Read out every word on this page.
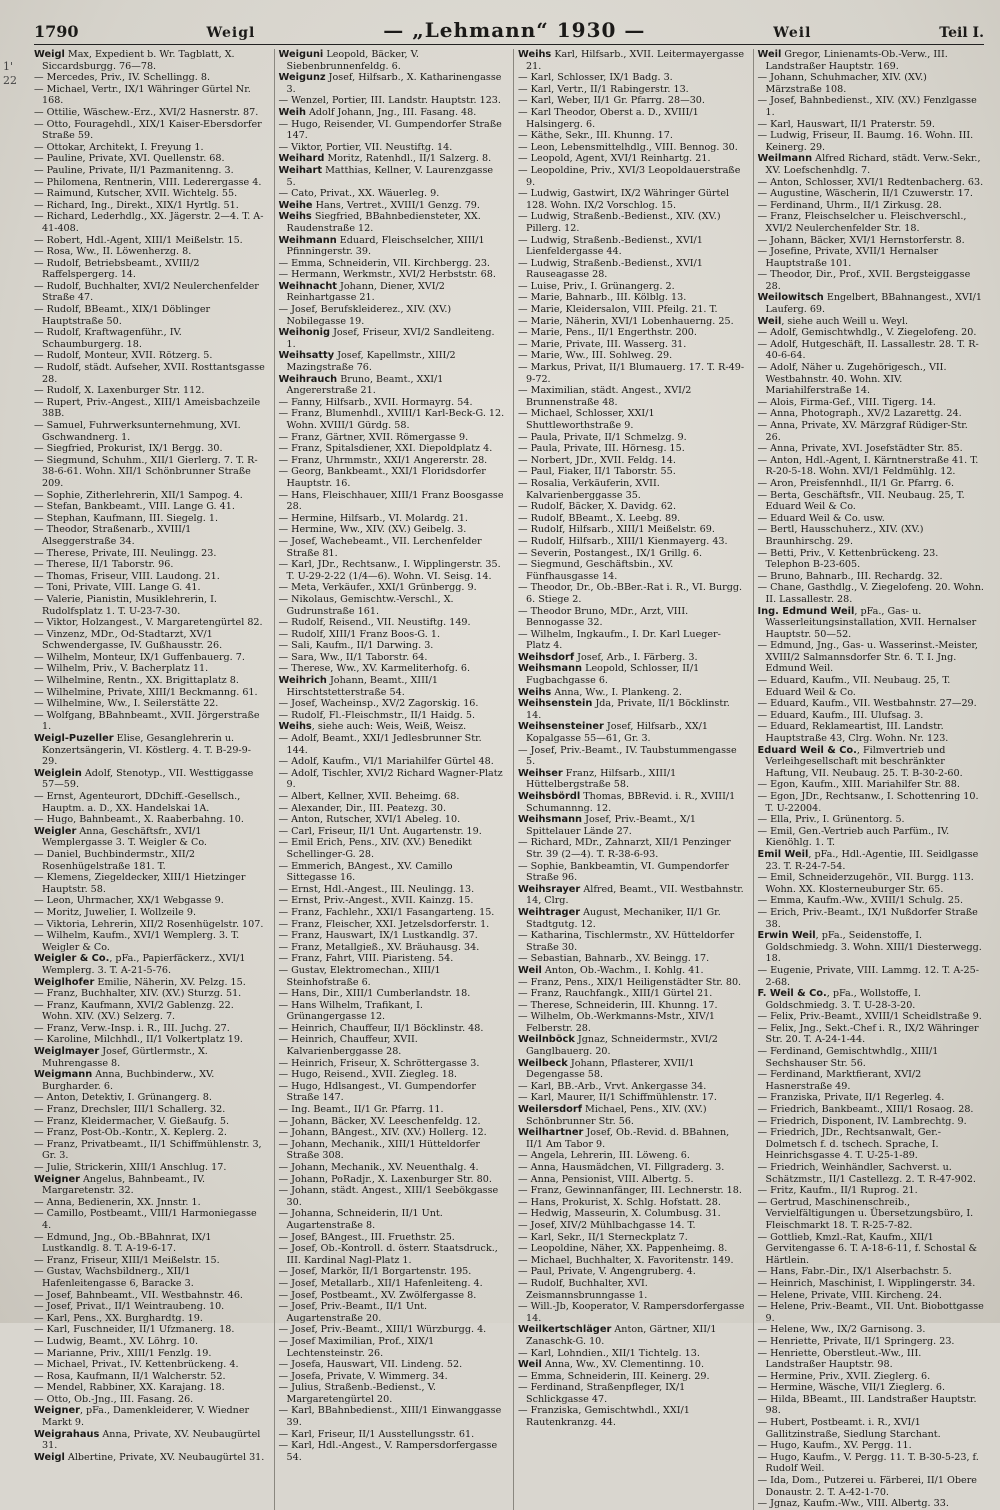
1'
22
1790	Weigl	— „Lehmann“ 1930 —	Weil	Teil I.

Weigl Max, Expedient b. Wr. Tagblatt, X. Siccardsburgg. 76—78.

— Mercedes, Priv., IV. Schellingg. 8.

— Michael, Vertr., IX/1 Währinger Gürtel Nr. 168.

— Ottilie, Wäschew.-Erz., XVI/2 Hasnerstr. 87.

— Otto, Fouragehdl., XIX/1 Kaiser-Ebersdorfer Straße 59.

— Ottokar, Architekt, I. Freyung 1.

— Pauline, Private, XVI. Quellenstr. 68.

— Pauline, Private, II/1 Pazmanitenng. 3.

— Philomena, Rentnerin, VIII. Lederergasse 4.

— Raimund, Kutscher, XVII. Wichtelg. 55.

— Richard, Ing., Direkt., XIX/1 Hyrtlg. 51.

— Richard, Lederhdlg., XX. Jägerstr. 2—4. T. A-41-408.

— Robert, Hdl.-Agent, XIII/1 Meißelstr. 15.

— Rosa, Ww., II. Löwenherzg. 8.

— Rudolf, Betriebsbeamt., XVIII/2 Raffelspergerg. 14.

— Rudolf, Buchhalter, XVI/2 Neulerchenfelder Straße 47.

— Rudolf, BBeamt., XIX/1 Döblinger Hauptstraße 50.

— Rudolf, Kraftwagenführ., IV. Schaumburgerg. 18.

— Rudolf, Monteur, XVII. Rötzerg. 5.

— Rudolf, städt. Aufseher, XVII. Rosttantsgasse 28.

— Rudolf, X. Laxenburger Str. 112.

— Rupert, Priv.-Angest., XIII/1 Ameisbachzeile 38B.

— Samuel, Fuhrwerksunternehmung, XVI. Gschwandnerg. 1.

— Siegfried, Prokurist, IX/1 Bergg. 30.

— Siegmund, Schuhm., XII/1 Gierlerg. 7. T. R-38-6-61. Wohn. XII/1 Schönbrunner Straße 209.

— Sophie, Zitherlehrerin, XII/1 Sampog. 4.

— Stefan, Bankbeamt., VIII. Lange G. 41.

— Stephan, Kaufmann, III. Siegelg. 1.

— Theodor, Straßenarb., XVIII/1 Alseggerstraße 34.

— Therese, Private, III. Neulingg. 23.

— Therese, II/1 Taborstr. 96.

— Thomas, Friseur, VIII. Laudong. 21.

— Toni, Private, VIII. Lange G. 41.

— Valerie, Pianistin, Musiklehrerin, I. Rudolfsplatz 1. T. U-23-7-30.

— Viktor, Holzangest., V. Margaretengürtel 82.

— Vinzenz, MDr., Od-Stadtarzt, XV/1 Schwendergasse, IV. Gußhausstr. 26.

— Wilhelm, Monteur, IX/1 Guffenbauerg. 7.

— Wilhelm, Priv., V. Bacherplatz 11.

— Wilhelmine, Rentn., XX. Brigittaplatz 8.

— Wilhelmine, Private, XIII/1 Beckmanng. 61.

— Wilhelmine, Ww., I. Seilerstätte 22.

— Wolfgang, BBahnbeamt., XVII. Jörgerstraße 1.

Weigl-Puzeller Elise, Gesanglehrerin u. Konzertsängerin, VI. Köstlerg. 4. T. B-29-9-29.

Weiglein Adolf, Stenotyp., VII. Westtiggasse 57—59.

— Ernst, Agenteurort, DDchiff.-Gesellsch., Hauptm. a. D., XX. Handelskai 1A.

— Hugo, Bahnbeamt., X. Raaberbahng. 10.

Weigler Anna, Geschäftsfr., XVI/1 Wemplergasse 3. T. Weigler & Co.

— Daniel, Buchbindermstr., XII/2 Rosenhügelstraße 181. T.

— Klemens, Ziegeldecker, XIII/1 Hietzinger Hauptstr. 58.

— Leon, Uhrmacher, XX/1 Webgasse 9.

— Moritz, Juwelier, I. Wollzeile 9.

— Viktoria, Lehrerin, XII/2 Rosenhügelstr. 107.

— Wilhelm, Kaufm., XVI/1 Wemplerg. 3. T. Weigler & Co.

Weigler & Co., pFa., Papierfäckerz., XVI/1 Wemplerg. 3. T. A-21-5-76.

Weiglhofer Emilie, Näherin, XV. Pelzg. 15.

— Franz, Buchhalter, XIV. (XV.) Sturzg. 51.

— Franz, Kaufmann, XVI/2 Gablenzg. 22. Wohn. XIV. (XV.) Selzerg. 7.

— Franz, Verw.-Insp. i. R., III. Juchg. 27.

— Karoline, Milchhdl., II/1 Volkertplatz 19.

Weiglmayer Josef, Gürtlermstr., X. Muhrengasse 8.

Weigmann Anna, Buchbinderw., XV. Burgharder. 6.

— Anton, Detektiv, I. Grünangerg. 8.

— Franz, Drechsler, III/1 Schallerg. 32.

— Franz, Kleidermacher, V. Gießaufg. 5.

— Franz, Post-Ob.-Kontr., X. Keplerg. 2.

— Franz, Privatbeamt., II/1 Schiffmühlenstr. 3, Gr. 3.

— Julie, Strickerin, XIII/1 Anschlug. 17.

Weigner Angelus, Bahnbeamt., IV. Margaretenstr. 32.

— Anna, Bedienerin, XX. Jnnstr. 1.

— Camillo, Postbeamt., VIII/1 Harmoniegasse 4.

— Edmund, Jng., Ob.-BBahnrat, IX/1 Lustkandlg. 8. T. A-19-6-17.

— Franz, Friseur, XIII/1 Meißelstr. 15.

— Gustav, Wachsbildnerg., XII/1 Hafenleitengasse 6, Baracke 3.

— Josef, Bahnbeamt., VII. Westbahnstr. 46.

— Josef, Privat., II/1 Weintraubeng. 10.

— Karl, Pens., XX. Burghardtg. 19.

— Karl, Fuschneider, II/1 Ufzmanerg. 18.

— Ludwig, Beamt., XV. Löhrg. 10.

— Marianne, Priv., XIII/1 Fenzlg. 19.

— Michael, Privat., IV. Kettenbrückeng. 4.

— Rosa, Kaufmann, II/1 Walcherstr. 52.

— Mendel, Rabbiner, XX. Karajang. 18.

— Otto, Ob.-Jng., III. Fasang. 26.

Weigner, pFa., Damenkleiderer, V. Wiedner Markt 9.

Weigrahaus Anna, Private, XV. Neubaugürtel 31.

Weigl Albertine, Private, XV. Neubaugürtel 31.

Weiguni Leopold, Bäcker, V. Siebenbrunnenfeldg. 6.

Weigunz Josef, Hilfsarb., X. Katharinengasse 3.

— Wenzel, Portier, III. Landstr. Hauptstr. 123.

Weih Adolf Johann, Jng., III. Fasang. 48.

— Hugo, Reisender, VI. Gumpendorfer Straße 147.

— Viktor, Portier, VII. Neustiftg. 14.

Weihard Moritz, Ratenhdl., II/1 Salzerg. 8.

Weihart Matthias, Kellner, V. Laurenzgasse 5.

— Cato, Privat., XX. Wäuerleg. 9.

Weihe Hans, Vertret., XVIII/1 Genzg. 79.

Weihs Siegfried, BBahnbediensteter, XX. Raudenstraße 12.

Weihmann Eduard, Fleischselcher, XIII/1 Pfinningerstr. 39.

— Emma, Schneiderin, VII. Kirchbergg. 23.

— Hermann, Werkmstr., XVI/2 Herbststr. 68.

Weihnacht Johann, Diener, XVI/2 Reinhartgasse 21.

— Josef, Berufskleiderez., XIV. (XV.) Nobilegasse 19.

Weihonig Josef, Friseur, XVI/2 Sandleiteng. 1.

Weihsatty Josef, Kapellmstr., XIII/2 Mazingstraße 76.

Weihrauch Bruno, Beamt., XXI/1 Angererstraße 21.

— Fanny, Hilfsarb., XVII. Hormayrg. 54.

— Franz, Blumenhdl., XVIII/1 Karl-Beck-G. 12. Wohn. XVIII/1 Gürdg. 58.

— Franz, Gärtner, XVII. Römergasse 9.

— Franz, Spitalsdiener, XXI. Diepoldplatz 4.

— Franz, Uhrmmstr., XXI/1 Angererstr. 28.

— Georg, Bankbeamt., XXI/1 Floridsdorfer Hauptstr. 16.

— Hans, Fleischhauer, XIII/1 Franz Boosgasse 28.

— Hermine, Hilfsarb., VI. Molardg. 21.

— Hermine, Ww., XIV. (XV.) Geibelg. 3.

— Josef, Wachebeamt., VII. Lerchenfelder Straße 81.

— Karl, JDr., Rechtsanw., I. Wipplingerstr. 35. T. U-29-2-22 (1/4—6). Wohn. VI. Seisg. 14.

— Meta, Verkäufer., XXI/1 Grünbergg. 9.

— Nikolaus, Gemischtw.-Verschl., X. Gudrunstraße 161.

— Rudolf, Reisend., VII. Neustiftg. 149.

— Rudolf, XIII/1 Franz Boos-G. 1.

— Sali, Kaufm., II/1 Darwing. 3.

— Sara, Ww., II/1 Taborstr. 64.

— Therese, Ww., XV. Karmeliterhofg. 6.

Weihrich Johann, Beamt., XIII/1 Hirschtstetterstraße 54.

— Josef, Wacheinsp., XV/2 Zagorskig. 16.

— Rudolf, Fl.-Fleischmstr., II/1 Haidg. 5.

Weihs, siehe auch: Weis, Weiß, Weisz.

— Adolf, Beamt., XXI/1 Jedlesbrunner Str. 144.

— Adolf, Kaufm., VI/1 Mariahilfer Gürtel 48.

— Adolf, Tischler, XVI/2 Richard Wagner-Platz 9.

— Albert, Kellner, XVII. Beheimg. 68.

— Alexander, Dir., III. Peatezg. 30.

— Anton, Rutscher, XVI/1 Abeleg. 10.

— Carl, Friseur, II/1 Unt. Augartenstr. 19.

— Emil Erich, Pens., XIV. (XV.) Benedikt Schellinger-G. 28.

— Emmerich, BAngest., XV. Camillo Sittegasse 16.

— Ernst, Hdl.-Angest., III. Neulingg. 13.

— Ernst, Priv.-Angest., XVII. Kainzg. 15.

— Franz, Fachlehr., XXI/1 Fasangarteng. 15.

— Franz, Fleischer, XXI. Jetzelsdorferstr. 1.

— Franz, Hauswart, IX/1 Lustkandlg. 37.

— Franz, Metallgieß., XV. Bräuhausg. 34.

— Franz, Fahrt, VIII. Piaristeng. 54.

— Gustav, Elektromechan., XIII/1 Steinhofstraße 6.

— Hans, Dir., XIII/1 Cumberlandstr. 18.

— Hans Wilhelm, Trafikant, I. Grünangergasse 12.

— Heinrich, Chauffeur, II/1 Böcklinstr. 48.

— Heinrich, Chauffeur, XVII. Kalvarienberggasse 28.

— Heinrich, Friseur, X. Schröttergasse 3.

— Hugo, Reisend., XVII. Ziegleg. 18.

— Hugo, Hdlsangest., VI. Gumpendorfer Straße 147.

— Ing. Beamt., II/1 Gr. Pfarrg. 11.

— Johann, Bäcker, XV. Leeschenfeldg. 12.

— Johann, BAngest., XIV. (XV.) Hollerg. 12.

— Johann, Mechanik., XIII/1 Hütteldorfer Straße 308.

— Johann, Mechanik., XV. Neuenthalg. 4.

— Johann, PoRadjr., X. Laxenburger Str. 80.

— Johann, städt. Angest., XIII/1 Seebökgasse 30.

— Johanna, Schneiderin, II/1 Unt. Augartenstraße 8.

— Josef, BAngest., III. Fruethstr. 25.

— Josef, Ob.-Kontroll. d. österr. Staatsdruck., III. Kardinal Nagl-Platz 1.

— Josef, Markör, II/1 Borgartenstr. 195.

— Josef, Metallarb., XII/1 Hafenleiteng. 4.

— Josef, Postbeamt., XV. Zwölfergasse 8.

— Josef, Priv.-Beamt., II/1 Unt. Augartenstraße 20.

— Josef, Priv.-Beamt., XIII/1 Würzburgg. 4.

— Josef Maximilian, Prof., XIX/1 Lechtensteinstr. 26.

— Josefa, Hauswart, VII. Lindeng. 52.

— Josefa, Private, V. Wimmerg. 34.

— Julius, Straßenb.-Bedienst., V. Margaretengürtel 20.

— Karl, BBahnbedienst., XIII/1 Einwanggasse 39.

— Karl, Friseur, II/1 Ausstellungsstr. 61.

— Karl, Hdl.-Angest., V. Rampersdorfergasse 54.

Weihs Karl, Hilfsarb., XVII. Leitermayergasse 21.

— Karl, Schlosser, IX/1 Badg. 3.

— Karl, Vertr., II/1 Rabingerstr. 13.

— Karl, Weber, II/1 Gr. Pfarrg. 28—30.

— Karl Theodor, Oberst a. D., XVIII/1 Halsingerg. 6.

— Käthe, Sekr., III. Khunng. 17.

— Leon, Lebensmittelhdlg., VIII. Bennog. 30.

— Leopold, Agent, XVI/1 Reinhartg. 21.

— Leopoldine, Priv., XVI/3 Leopoldauerstraße 9.

— Ludwig, Gastwirt, IX/2 Währinger Gürtel 128. Wohn. IX/2 Vorschlog. 15.

— Ludwig, Straßenb.-Bedienst., XIV. (XV.) Pillerg. 12.

— Ludwig, Straßenb.-Bedienst., XVI/1 Lienfeldergasse 44.

— Ludwig, Straßenb.-Bedienst., XVI/1 Rauseagasse 28.

— Luise, Priv., I. Grünangerg. 2.

— Marie, Bahnarb., III. Kölblg. 13.

— Marie, Kleidersalon, VIII. Pfeilg. 21. T.

— Marie, Näherin, XVI/1 Lobenhauerng. 25.

— Marie, Pens., II/1 Engerthstr. 200.

— Marie, Private, III. Wasserg. 31.

— Marie, Ww., III. Sohlweg. 29.

— Markus, Privat, II/1 Blumauerg. 17. T. R-49-9-72.

— Maximilian, städt. Angest., XVI/2 Brunnenstraße 48.

— Michael, Schlosser, XXI/1 Shuttleworthstraße 9.

— Paula, Private, II/1 Schmelzg. 9.

— Paula, Private, III. Hörnesg. 15.

— Norbert, JDr., XVII. Feldg. 14.

— Paul, Fiaker, II/1 Taborstr. 55.

— Rosalia, Verkäuferin, XVII. Kalvarienberggasse 35.

— Rudolf, Bäcker, X. Davidg. 62.

— Rudolf, BBeamt., X. Leebg. 89.

— Rudolf, Hilfsarb., XIII/1 Meißelstr. 69.

— Rudolf, Hilfsarb., XIII/1 Kienmayerg. 43.

— Severin, Postangest., IX/1 Grillg. 6.

— Siegmund, Geschäftsbin., XV. Fünfhausgasse 14.

— Theodor, Dr., Ob.-BBer.-Rat i. R., VI. Burgg. 6. Stiege 2.

— Theodor Bruno, MDr., Arzt, VIII. Bennogasse 32.

— Wilhelm, Ingkaufm., I. Dr. Karl Lueger-Platz 4.

Weihsdorf Josef, Arb., I. Färberg. 3.

Weihsmann Leopold, Schlosser, II/1 Fugbachgasse 6.

Weihs Anna, Ww., I. Plankeng. 2.

Weihsenstein Jda, Private, II/1 Böcklinstr. 14.

Weihsensteiner Josef, Hilfsarb., XX/1 Kopalgasse 55—61, Gr. 3.

— Josef, Priv.-Beamt., IV. Taubstummengasse 5.

Weihser Franz, Hilfsarb., XIII/1 Hüttelbergstraße 58.

Weihsbördl Thomas, BBRevid. i. R., XVIII/1 Schumannng. 12.

Weihsmann Josef, Priv.-Beamt., X/1 Spittelauer Lände 27.

— Richard, MDr., Zahnarzt, XII/1 Penzinger Str. 39 (2—4). T. R-38-6-93.

— Sophie, Bankbeamtin, VI. Gumpendorfer Straße 96.

Weihsrayer Alfred, Beamt., VII. Westbahnstr. 14, Clrg.

Weihtrager August, Mechaniker, II/1 Gr. Stadtgutg. 12.

— Katharina, Tischlermstr., XV. Hütteldorfer Straße 30.

— Sebastian, Bahnarb., XV. Beingg. 17.

Weil Anton, Ob.-Wachm., I. Kohlg. 41.

— Franz, Pens., XIX/1 Heiligenstädter Str. 80.

— Franz, Rauchfangk., XIII/1 Gürtel 21.

— Therese, Schneiderin, III. Khunng. 17.

— Wilhelm, Ob.-Werkmanns-Mstr., XIV/1 Felberstr. 28.

Weilnböck Jgnaz, Schneidermstr., XVI/2 Ganglbauerg. 20.

Weilbeck Johann, Pflasterer, XVII/1 Degengasse 58.

— Karl, BB.-Arb., Vrvt. Ankergasse 34.

— Karl, Maurer, II/1 Schiffmühlenstr. 17.

Weilersdorf Michael, Pens., XIV. (XV.) Schönbrunner Str. 56.

Weilhartner Josef, Ob.-Revid. d. BBahnen, II/1 Am Tabor 9.

— Angela, Lehrerin, III. Löweng. 6.

— Anna, Hausmädchen, VI. Fillgraderg. 3.

— Anna, Pensionist, VIII. Albertg. 5.

— Franz, Gewinnanfänger, III. Lechnerstr. 18.

— Hans, Prokurist, X. Schlg. Hofstatt. 28.

— Hedwig, Masseurin, X. Columbusg. 31.

— Josef, XIV/2 Mühlbachgasse 14. T.

— Karl, Sekr., II/1 Sterneckplatz 7.

— Leopoldine, Näher, XX. Pappenheimg. 8.

— Michael, Buchhalter, X. Favoritenstr. 149.

— Paul, Private, V. Angengruberg. 4.

— Rudolf, Buchhalter, XVI. Zeismannsbrunngasse 1.

— Will.-Jb, Kooperator, V. Rampersdorfergasse 14.

Weilkertschläger Anton, Gärtner, XII/1 Zanaschk-G. 10.

— Karl, Lohndien., XII/1 Tichtelg. 13.

Weil Anna, Ww., XV. Clementinng. 10.

— Emma, Schneiderin, III. Keinerg. 29.

— Ferdinand, Straßenpfleger, IX/1 Schlickgasse 47.

— Franziska, Gemischtwhdl., XXI/1 Rautenkranzg. 44.

Weil Gregor, Linienamts-Ob.-Verw., III. Landstraßer Hauptstr. 169.

— Johann, Schuhmacher, XIV. (XV.) Märzstraße 108.

— Josef, Bahnbedienst., XIV. (XV.) Fenzlgasse 1.

— Karl, Hauswart, II/1 Praterstr. 59.

— Ludwig, Friseur, II. Baumg. 16. Wohn. III. Keinerg. 29.

Weilmann Alfred Richard, städt. Verw.-Sekr., XV. Loefschenhdlg. 7.

— Anton, Schlosser, XVI/1 Redtenbacherg. 63.

— Augustine, Wäscherin, II/1 Czuwerstr. 17.

— Ferdinand, Uhrm., II/1 Zirkusg. 28.

— Franz, Fleischselcher u. Fleischverschl., XVI/2 Neulerchenfelder Str. 18.

— Johann, Bäcker, XVI/1 Hernstorferstr. 8.

— Josefine, Private, XVII/1 Hernalser Hauptstraße 101.

— Theodor, Dir., Prof., XVII. Bergsteiggasse 28.

Weilowitsch Engelbert, BBahnangest., XVI/1 Lauferg. 69.

Weil, siehe auch Weill u. Weyl.

— Adolf, Gemischtwhdlg., V. Ziegelofeng. 20.

— Adolf, Hutgeschäft, II. Lassallestr. 28. T. R-40-6-64.

— Adolf, Näher u. Zugehörigesch., VII. Westbahnstr. 40. Wohn. XIV. Mariahilferstraße 14.

— Alois, Firma-Gef., VIII. Tigerg. 14.

— Anna, Photograph., XV/2 Lazarettg. 24.

— Anna, Private, XV. Märzgraf Rüdiger-Str. 26.

— Anna, Private, XVI. Josefstädter Str. 85.

— Anton, Hdl.-Agent, I. Kärntnerstraße 41. T. R-20-5-18. Wohn. XVI/1 Feldmühlg. 12.

— Aron, Preisfennhdl., II/1 Gr. Pfarrg. 6.

— Berta, Geschäftsfr., VII. Neubaug. 25, T. Eduard Weil & Co.

— Eduard Weil & Co. usw.

— Bertl, Hausschuherz., XIV. (XV.) Braunhirschg. 29.

— Betti, Priv., V. Kettenbrückeng. 23. Telephon B-23-605.

— Bruno, Bahnarb., III. Rechardg. 32.

— Chane, Gasthdlg., V. Ziegelofeng. 20. Wohn. II. Lassallestr. 28.

Ing. Edmund Weil, pFa., Gas- u. Wasserleitungsinstallation, XVII. Hernalser Hauptstr. 50—52.

— Edmund, Jng., Gas- u. Wasserinst.-Meister, XVIII/2 Salmannsdorfer Str. 6. T. I. Jng. Edmund Weil.

— Eduard, Kaufm., VII. Neubaug. 25, T. Eduard Weil & Co.

— Eduard, Kaufm., VII. Westbahnstr. 27—29.

— Eduard, Kaufm., III. Ulufsag. 3.

— Eduard, Reklameartist, III. Landstr. Hauptstraße 43, Clrg. Wohn. Nr. 123.

Eduard Weil & Co., Filmvertrieb und Verleihgesellschaft mit beschränkter Haftung, VII. Neubaug. 25. T. B-30-2-60.

— Egon, Kaufm., XIII. Mariahilfer Str. 88.

— Egon, JDr., Rechtsanw., I. Schottenring 10. T. U-22004.

— Ella, Priv., I. Grünentorg. 5.

— Emil, Gen.-Vertrieb auch Parfüm., IV. Kienöhlg. 1. T.

Emil Weil, pFa., Hdl.-Agentie, III. Seidlgasse 23. T. R-24-7-54.

— Emil, Schneiderzugehör., VII. Burgg. 113. Wohn. XX. Klosterneuburger Str. 65.

— Emma, Kaufm.-Ww., XVIII/1 Schulg. 25.

— Erich, Priv.-Beamt., IX/1 Nußdorfer Straße 38.

Erwin Weil, pFa., Seidenstoffe, I. Goldschmiedg. 3. Wohn. XIII/1 Diesterwegg. 18.

— Eugenie, Private, VIII. Lammg. 12. T. A-25-2-68.

F. Weil & Co., pFa., Wollstoffe, I. Goldschmiedg. 3. T. U-28-3-20.

— Felix, Priv.-Beamt., XVIII/1 Scheidlstraße 9.

— Felix, Jng., Sekt.-Chef i. R., IX/2 Währinger Str. 20. T. A-24-1-44.

— Ferdinand, Gemischtwhdlg., XIII/1 Sechshauser Str. 56.

— Ferdinand, Marktfierant, XVI/2 Hasnerstraße 49.

— Franziska, Private, II/1 Regerleg. 4.

— Friedrich, Bankbeamt., XIII/1 Rosaog. 28.

— Friedrich, Disponent, IV. Lambrechtg. 9.

— Friedrich, JDr., Rechtsanwalt, Ger.-Dolmetsch f. d. tschech. Sprache, I. Heinrichsgasse 4. T. U-25-1-89.

— Friedrich, Weinhändler, Sachverst. u. Schätzmstr., II/1 Castellezg. 2. T. R-47-902.

— Fritz, Kaufm., II/1 Ruprog. 21.

— Gertrud, Maschinenschreib., Vervielfältigungen u. Übersetzungsbüro, I. Fleischmarkt 18. T. R-25-7-82.

— Gottlieb, Kmzl.-Rat, Kaufm., XII/1 Gervitengasse 6. T. A-18-6-11, f. Schostal & Härtlein.

— Hans, Fabr.-Dir., IX/1 Alserbachstr. 5.

— Heinrich, Maschinist, I. Wipplingerstr. 34.

— Helene, Private, VIII. Kircheng. 24.

— Helene, Priv.-Beamt., VII. Unt. Biobottgasse 9.

— Helene, Ww., IX/2 Garnisong. 3.

— Henriette, Private, II/1 Springerg. 23.

— Henriette, Oberstleut.-Ww., III. Landstraßer Hauptstr. 98.

— Hermine, Priv., XVII. Zieglerg. 6.

— Hermine, Wäsche, VII/1 Zieglerg. 6.

— Hilda, BBeamt., III. Landstraßer Hauptstr. 98.

— Hubert, Postbeamt. i. R., XVI/1 Gallitzinstraße, Siedlung Starchant.

— Hugo, Kaufm., XV. Pergg. 11.

— Hugo, Kaufm., V. Pergg. 11. T. B-30-5-23, f. Rudolf Weil.

— Ida, Dom., Putzerei u. Färberei, II/1 Obere Donaustr. 2. T. A-42-1-70.

— Jgnaz, Kaufm.-Ww., VIII. Albertg. 33.
